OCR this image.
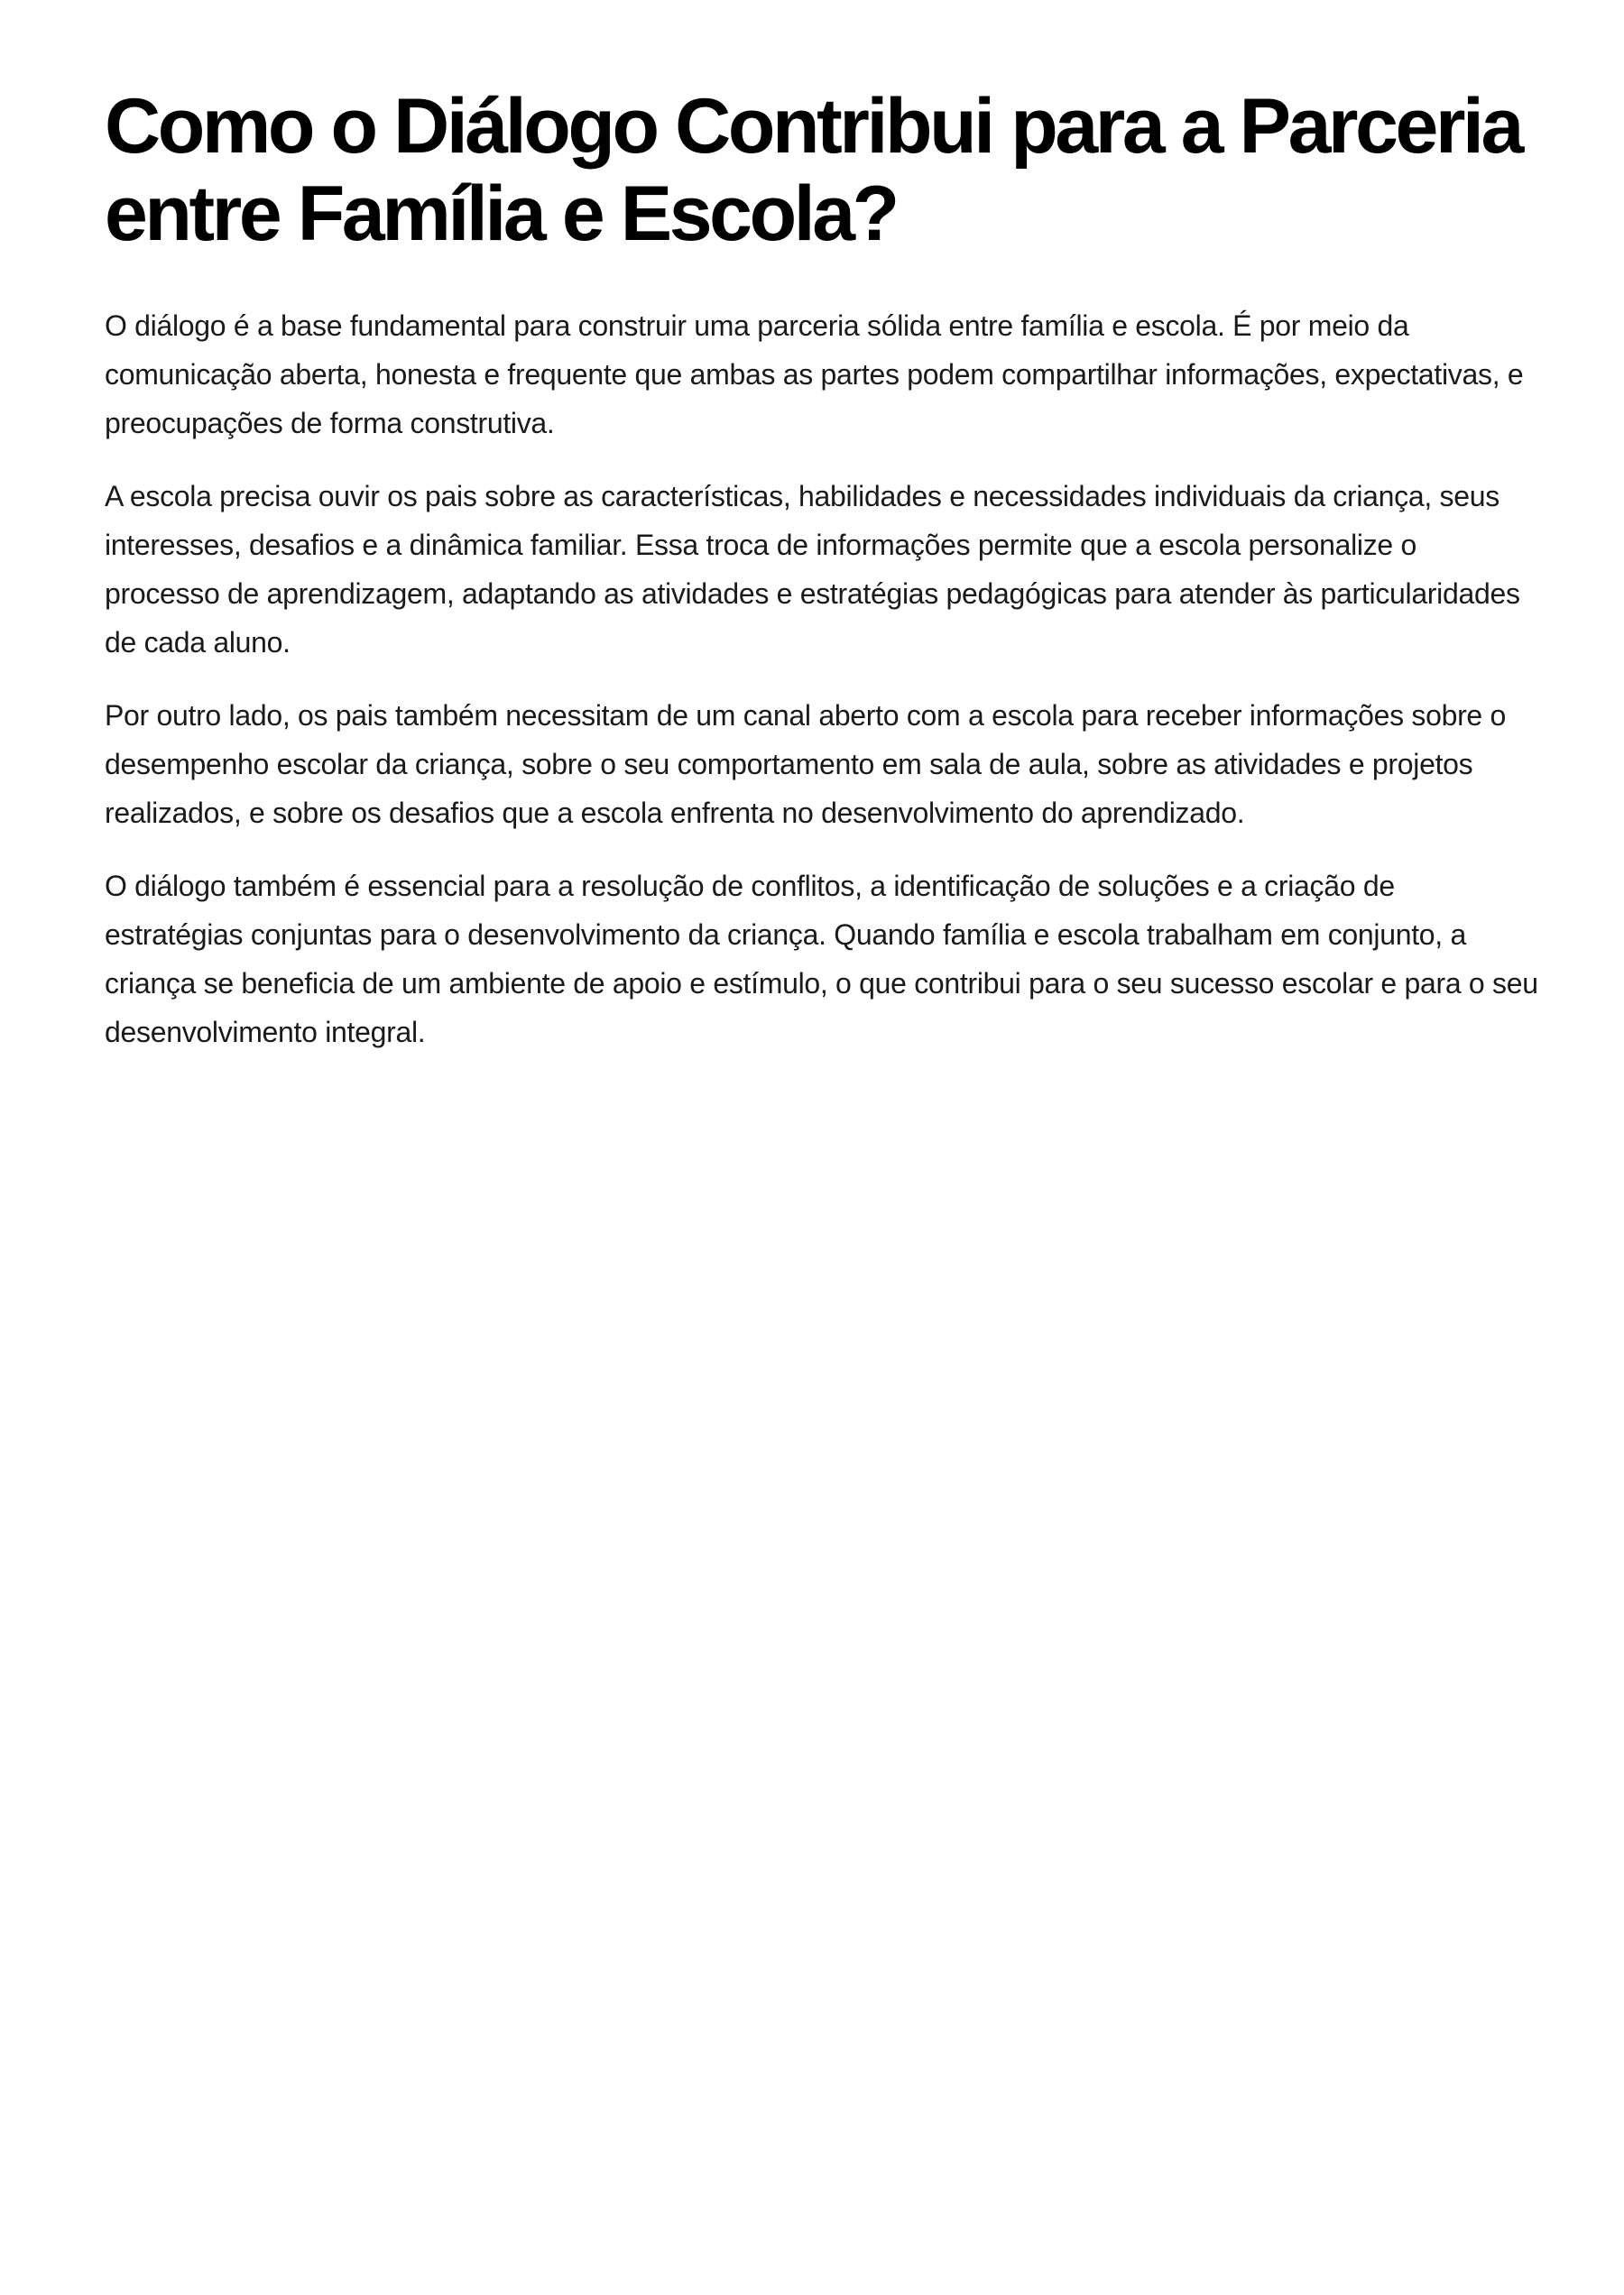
Como o Diálogo Contribui para a Parceria entre Família e Escola?

O diálogo é a base fundamental para construir uma parceria sólida entre família e escola. É por meio da comunicação aberta, honesta e frequente que ambas as partes podem compartilhar informações, expectativas, e preocupações de forma construtiva.

A escola precisa ouvir os pais sobre as características, habilidades e necessidades individuais da criança, seus interesses, desafios e a dinâmica familiar. Essa troca de informações permite que a escola personalize o processo de aprendizagem, adaptando as atividades e estratégias pedagógicas para atender às particularidades de cada aluno.

Por outro lado, os pais também necessitam de um canal aberto com a escola para receber informações sobre o desempenho escolar da criança, sobre o seu comportamento em sala de aula, sobre as atividades e projetos realizados, e sobre os desafios que a escola enfrenta no desenvolvimento do aprendizado.

O diálogo também é essencial para a resolução de conflitos, a identificação de soluções e a criação de estratégias conjuntas para o desenvolvimento da criança. Quando família e escola trabalham em conjunto, a criança se beneficia de um ambiente de apoio e estímulo, o que contribui para o seu sucesso escolar e para o seu desenvolvimento integral.
